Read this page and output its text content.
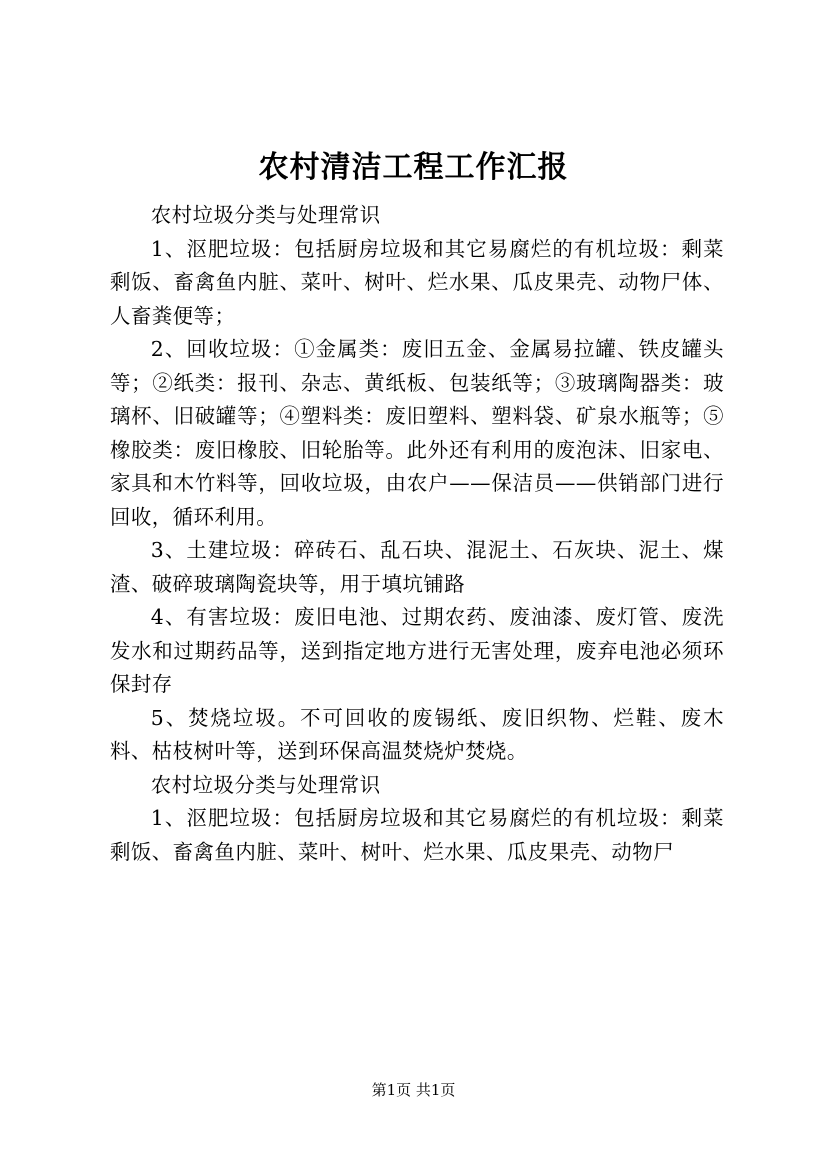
农村清洁工程工作汇报

农村垃圾分类与处理常识

1、沤肥垃圾：包括厨房垃圾和其它易腐烂的有机垃圾：剩菜剩饭、畜禽鱼内脏、菜叶、树叶、烂水果、瓜皮果壳、动物尸体、人畜粪便等；

2、回收垃圾：①金属类：废旧五金、金属易拉罐、铁皮罐头等；②纸类：报刊、杂志、黄纸板、包装纸等；③玻璃陶器类：玻璃杯、旧破罐等；④塑料类：废旧塑料、塑料袋、矿泉水瓶等；⑤橡胶类：废旧橡胶、旧轮胎等。此外还有利用的废泡沫、旧家电、家具和木竹料等，回收垃圾，由农户——保洁员——供销部门进行回收，循环利用。

3、土建垃圾：碎砖石、乱石块、混泥土、石灰块、泥土、煤渣、破碎玻璃陶瓷块等，用于填坑铺路

4、有害垃圾：废旧电池、过期农药、废油漆、废灯管、废洗发水和过期药品等，送到指定地方进行无害处理，废弃电池必须环保封存

5、焚烧垃圾。不可回收的废锡纸、废旧织物、烂鞋、废木料、枯枝树叶等，送到环保高温焚烧炉焚烧。

农村垃圾分类与处理常识

1、沤肥垃圾：包括厨房垃圾和其它易腐烂的有机垃圾：剩菜剩饭、畜禽鱼内脏、菜叶、树叶、烂水果、瓜皮果壳、动物尸

第1页 共1页
